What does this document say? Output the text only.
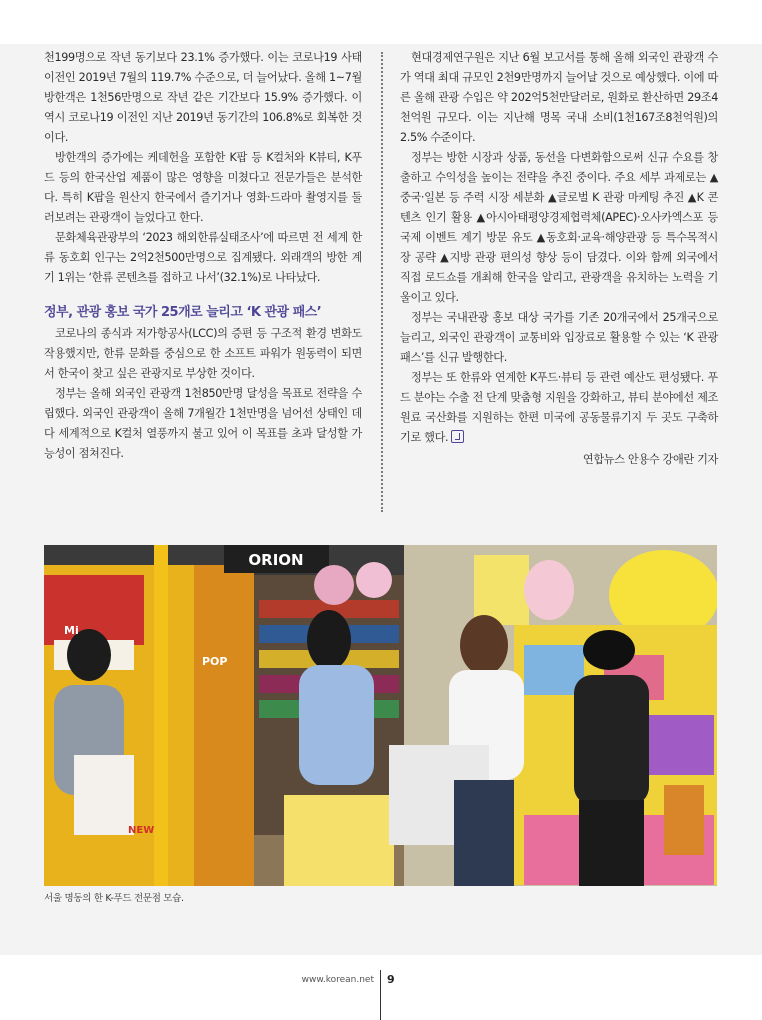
천199명으로 작년 동기보다 23.1% 증가했다. 이는 코로나19 사태 이전인 2019년 7월의 119.7% 수준으로, 더 늘어났다. 올해 1~7월 방한객은 1천56만명으로 작년 같은 기간보다 15.9% 증가했다. 이 역시 코로나19 이전인 지난 2019년 동기간의 106.8%로 회복한 것이다.

방한객의 증가에는 케데헌을 포함한 K팝 등 K컬처와 K뷰티, K푸드 등의 한국산업 제품이 많은 영향을 미쳤다고 전문가들은 분석한다. 특히 K팝을 원산지 한국에서 즐기거나 영화·드라마 촬영지를 둘러보려는 관광객이 늘었다고 한다.

문화체육관광부의 ‘2023 해외한류실태조사’에 따르면 전 세계 한류 동호회 인구는 2억2천500만명으로 집계됐다. 외래객의 방한 계기 1위는 ‘한류 콘텐츠를 접하고 나서’(32.1%)로 나타났다.

정부, 관광 홍보 국가 25개로 늘리고 ‘K 관광 패스’

코로나의 종식과 저가항공사(LCC)의 증편 등 구조적 환경 변화도 작용했지만, 한류 문화를 중심으로 한 소프트 파워가 원동력이 되면서 한국이 찾고 싶은 관광지로 부상한 것이다.

정부는 올해 외국인 관광객 1천850만명 달성을 목표로 전략을 수립했다. 외국인 관광객이 올해 7개월간 1천만명을 넘어선 상태인 데다 세계적으로 K컬처 열풍까지 불고 있어 이 목표를 초과 달성할 가능성이 점쳐진다.

현대경제연구원은 지난 6월 보고서를 통해 올해 외국인 관광객 수가 역대 최대 규모인 2천9만명까지 늘어날 것으로 예상했다. 이에 따른 올해 관광 수입은 약 202억5천만달러로, 원화로 환산하면 29조4천억원 규모다. 이는 지난해 명목 국내 소비(1천167조8천억원)의 2.5% 수준이다.

정부는 방한 시장과 상품, 동선을 다변화함으로써 신규 수요를 창출하고 수익성을 높이는 전략을 추진 중이다. 주요 세부 과제로는 ▲중국·일본 등 주력 시장 세분화 ▲글로벌 K 관광 마케팅 추진 ▲K 콘텐츠 인기 활용 ▲아시아태평양경제협력체(APEC)·오사카엑스포 등 국제 이벤트 계기 방문 유도 ▲동호회·교육·해양관광 등 특수목적시장 공략 ▲지방 관광 편의성 향상 등이 담겼다. 이와 함께 외국에서 직접 로드쇼를 개최해 한국을 알리고, 관광객을 유치하는 노력을 기울이고 있다.

정부는 국내관광 홍보 대상 국가를 기존 20개국에서 25개국으로 늘리고, 외국인 관광객이 교통비와 입장료로 활용할 수 있는 ‘K 관광 패스’를 신규 발행한다.

정부는 또 한류와 연계한 K푸드·뷰티 등 관련 예산도 편성됐다. 푸드 분야는 수출 전 단계 맞춤형 지원을 강화하고, 뷰티 분야에선 제조원료 국산화를 지원하는 한편 미국에 공동물류기지 두 곳도 구축하기로 했다.

연합뉴스 안용수 강애란 기자

ORION
Mi
NEW
POP
서울 명동의 한 K-푸드 전문점 모습.
www.korean.net 9
